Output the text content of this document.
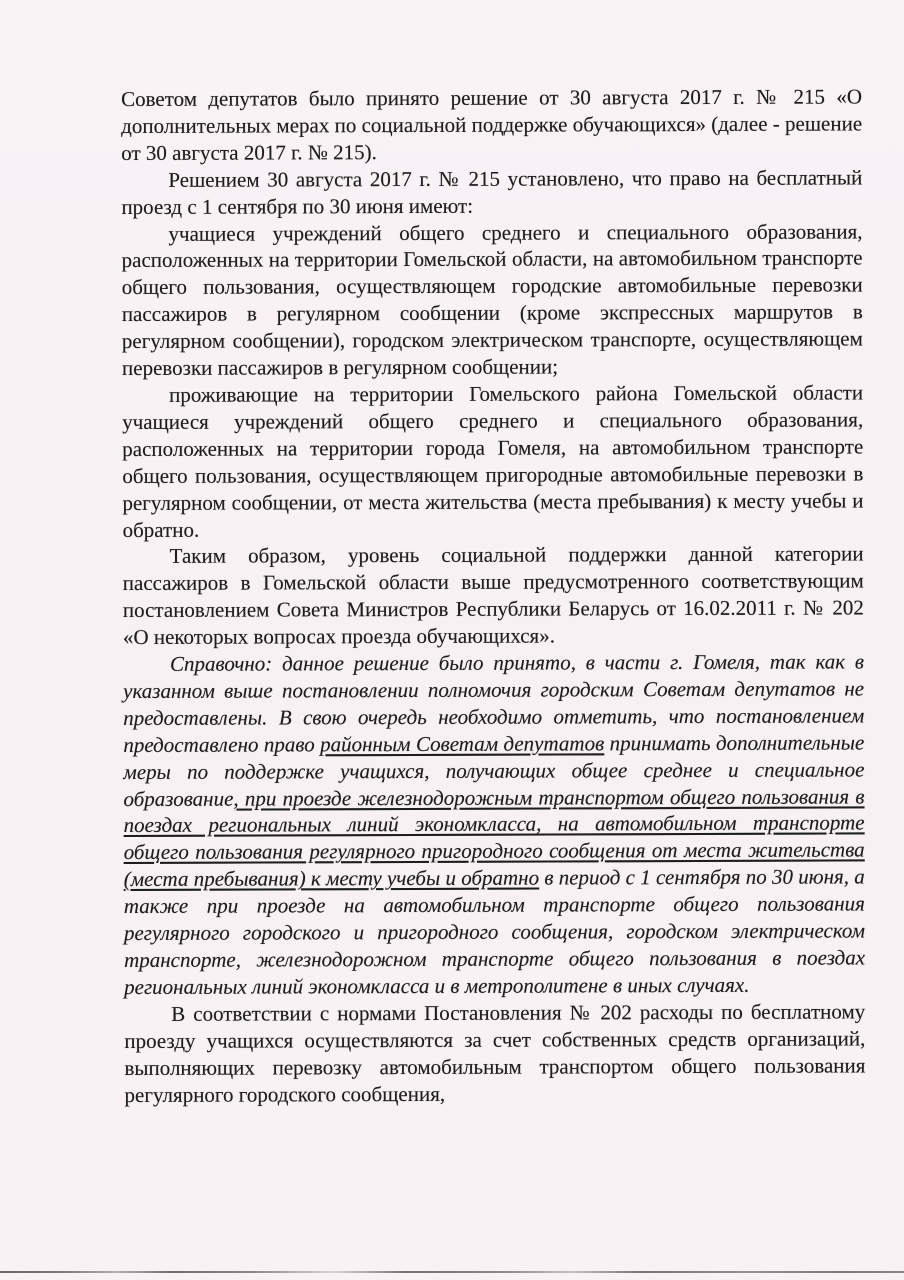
Советом депутатов было принято решение от 30 августа 2017 г. № 215 «О дополнительных мерах по социальной поддержке обучающихся» (далее - решение от 30 августа 2017 г. № 215).

Решением 30 августа 2017 г. № 215 установлено, что право на бесплатный проезд с 1 сентября по 30 июня имеют:

учащиеся учреждений общего среднего и специального образования, расположенных на территории Гомельской области, на автомобильном транспорте общего пользования, осуществляющем городские автомобильные перевозки пассажиров в регулярном сообщении (кроме экспрессных маршрутов в регулярном сообщении), городском электрическом транспорте, осуществляющем перевозки пассажиров в регулярном сообщении;

проживающие на территории Гомельского района Гомельской области учащиеся учреждений общего среднего и специального образования, расположенных на территории города Гомеля, на автомобильном транспорте общего пользования, осуществляющем пригородные автомобильные перевозки в регулярном сообщении, от места жительства (места пребывания) к месту учебы и обратно.

Таким образом, уровень социальной поддержки данной категории пассажиров в Гомельской области выше предусмотренного соответствующим постановлением Совета Министров Республики Беларусь от 16.02.2011 г. № 202 «О некоторых вопросах проезда обучающихся».

Справочно: данное решение было принято, в части г. Гомеля, так как в указанном выше постановлении полномочия городским Советам депутатов не предоставлены. В свою очередь необходимо отметить, что постановлением предоставлено право районным Советам депутатов принимать дополнительные меры по поддержке учащихся, получающих общее среднее и специальное образование, при проезде железнодорожным транспортом общего пользования в поездах региональных линий экономкласса, на автомобильном транспорте общего пользования регулярного пригородного сообщения от места жительства (места пребывания) к месту учебы и обратно в период с 1 сентября по 30 июня, а также при проезде на автомобильном транспорте общего пользования регулярного городского и пригородного сообщения, городском электрическом транспорте, железнодорожном транспорте общего пользования в поездах региональных линий экономкласса и в метрополитене в иных случаях.

В соответствии с нормами Постановления № 202 расходы по бесплатному проезду учащихся осуществляются за счет собственных средств организаций, выполняющих перевозку автомобильным транспортом общего пользования регулярного городского сообщения,
